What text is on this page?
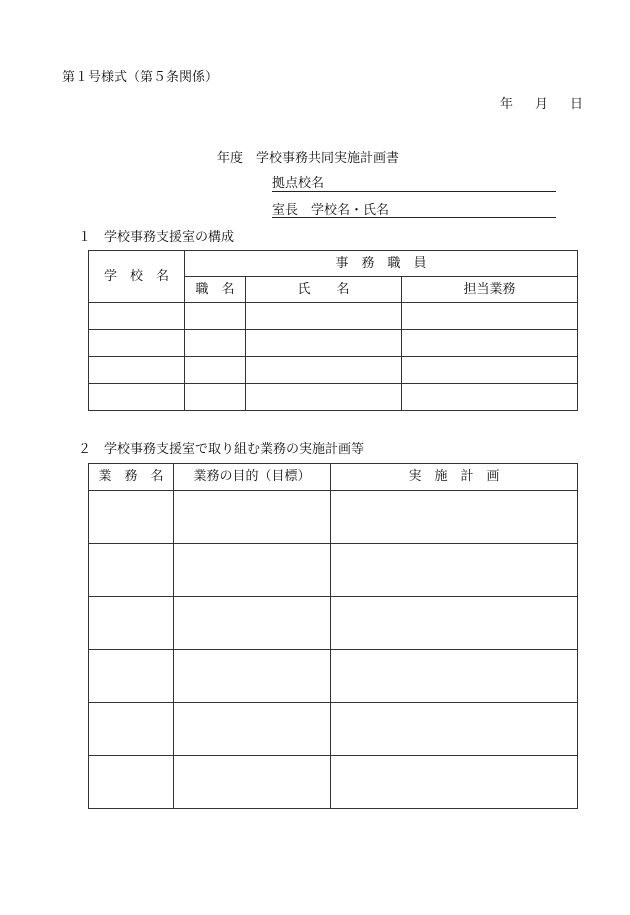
第１号様式（第５条関係）
年 月 日
年度　学校事務共同実施計画書
拠点校名
室長　学校名・氏名
１　学校事務支援室の構成
学　校　名	事　務　職　員		
	職　名	氏　　名	担当業務

２　学校事務支援室で取り組む業務の実施計画等
業　務　名	業務の目的（目標）	実　施　計　画
